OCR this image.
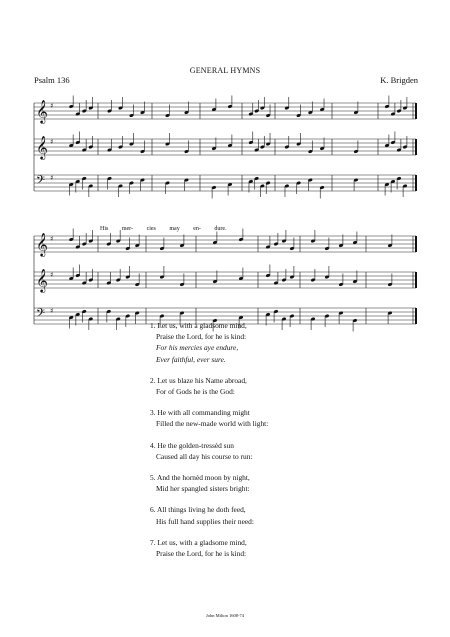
GENERAL HYMNS
Psalm 136	K. Brigden
𝄞 ♯
𝄞 ♯
𝄢 ♯
His mer- cies may en- dure.
𝄞 ♯
𝄞 ♯
𝄢 ♯
1. Let us, with a gladsome mind,
Praise the Lord, for he is kind:
For his mercies aye endure,
Ever faithful, ever sure.
2. Let us blaze his Name abroad,
For of Gods he is the God:
3. He with all commanding might
Filled the new-made world with light:
4. He the golden-tressèd sun
Caused all day his course to run:
5. And the hornèd moon by night,
Mid her spangled sisters bright:
6. All things living he doth feed,
His full hand supplies their need:
7. Let us, with a gladsome mind,
Praise the Lord, for he is kind:
John Milton 1608-74
